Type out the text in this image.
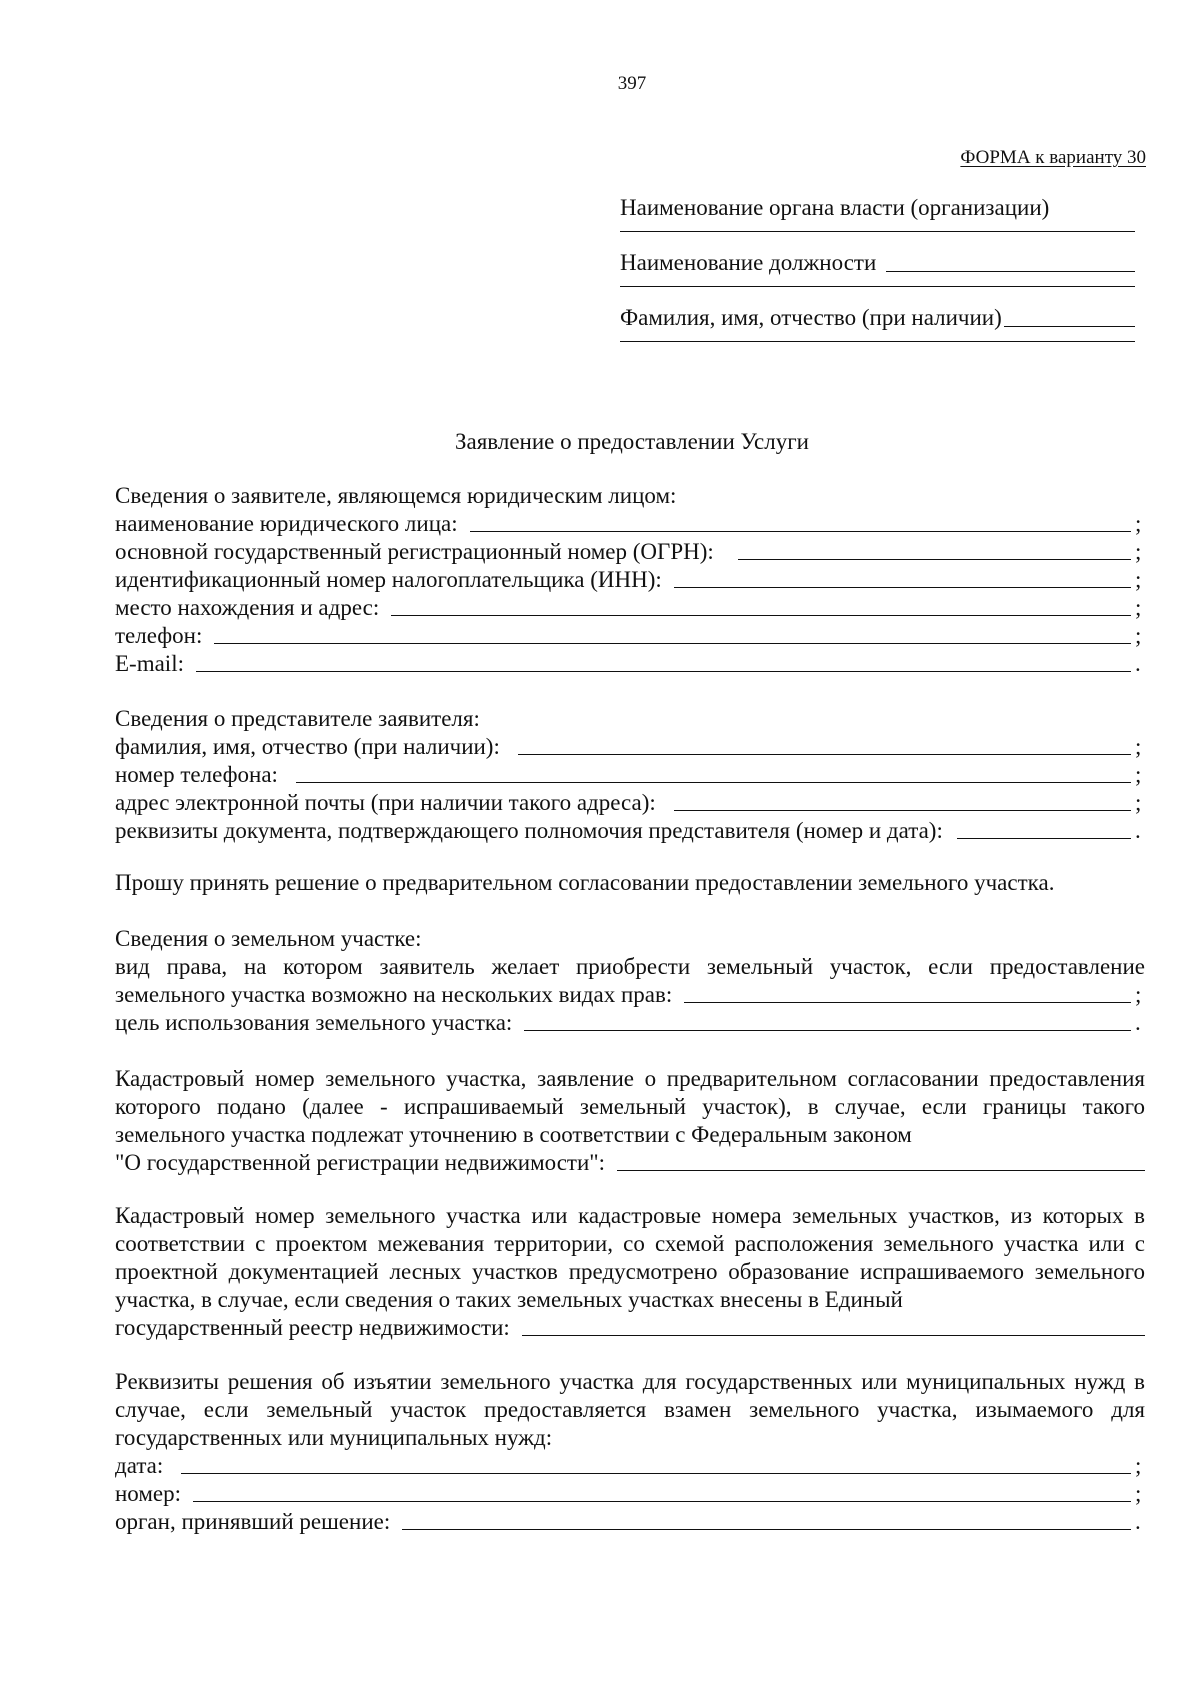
397
ФОРМА к варианту 30
Наименование органа власти (организации)
Наименование должности
Фамилия, имя, отчество (при наличии)
Заявление о предоставлении Услуги
Сведения о заявителе, являющемся юридическим лицом:
наименование юридического лица:	;
основной государственный регистрационный номер (ОГРН):	;
идентификационный номер налогоплательщика (ИНН):	;
место нахождения и адрес:	;
телефон:	;
E-mail:	.
Сведения о представителе заявителя:
фамилия, имя, отчество (при наличии):	;
номер телефона:	;
адрес электронной почты (при наличии такого адреса):	;
реквизиты документа, подтверждающего полномочия представителя (номер и дата):	.
Прошу принять решение о предварительном согласовании предоставлении земельного участка.
Сведения о земельном участке:
вид права, на котором заявитель желает приобрести земельный участок, если предоставление
земельного участка возможно на нескольких видах прав:	;
цель использования земельного участка:	.
Кадастровый номер земельного участка, заявление о предварительном согласовании предоставления которого подано (далее - испрашиваемый земельный участок), в случае, если границы такого земельного участка подлежат уточнению в соответствии с Федеральным законом
"О государственной регистрации недвижимости":
Кадастровый номер земельного участка или кадастровые номера земельных участков, из которых в соответствии с проектом межевания территории, со схемой расположения земельного участка или с проектной документацией лесных участков предусмотрено образование испрашиваемого земельного участка, в случае, если сведения о таких земельных участках внесены в Единый
государственный реестр недвижимости:
Реквизиты решения об изъятии земельного участка для государственных или муниципальных нужд в случае, если земельный участок предоставляется взамен земельного участка, изымаемого для государственных или муниципальных нужд:
дата:	;
номер:	;
орган, принявший решение:	.
